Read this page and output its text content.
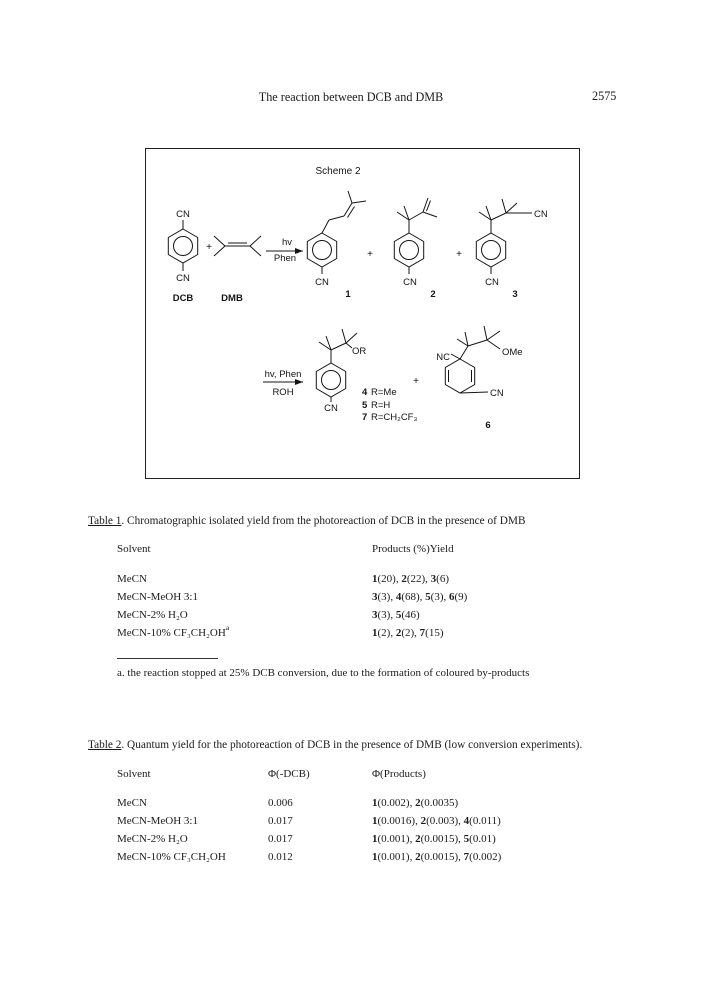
The reaction between DCB and DMB	2575
Scheme 2
CN
CN
DCB
+
DMB
hv
Phen
CN
1
+
CN
2
+
CN
CN
3
hv, Phen
ROH
OR
CN
4 R=Me
5 R=H
7 R=CH₂CF₃
+
NC	OMe
CN
6
Table 1. Chromatographic isolated yield from the photoreaction of DCB in the presence of DMB
Solvent	Products (%)Yield
MeCN	1(20) , 2(22) , 3(6)
MeCN-MeOH 3:1	3(3) , 4(68) , 5(3) , 6(9)
MeCN-2% H₂O	3(3) , 5(46)
MeCN-10% $CF_3CH_2OH^a$	1(2) , 2(2) , 7(15)
a. the reaction stopped at 25% DCB conversion, due to the formation of coloured by-products
Table 2. Quantum yield for the photoreaction of DCB in the presence of DMB (low conversion experiments).
Solvent	Φ(-DCB)	Φ(Products)
MeCN	0.006	1(0.002) , 2(0.0035)
MeCN-MeOH 3:1	0.017	1(0.0016) , 2(0.003) , 4(0.011)
MeCN-2% H₂O	0.017	1(0.001) , 2(0.0015) , 5(0.01)
MeCN-10% CF₃CH₂OH	0.012	1(0.001) , 2(0.0015) , 7(0.002)
